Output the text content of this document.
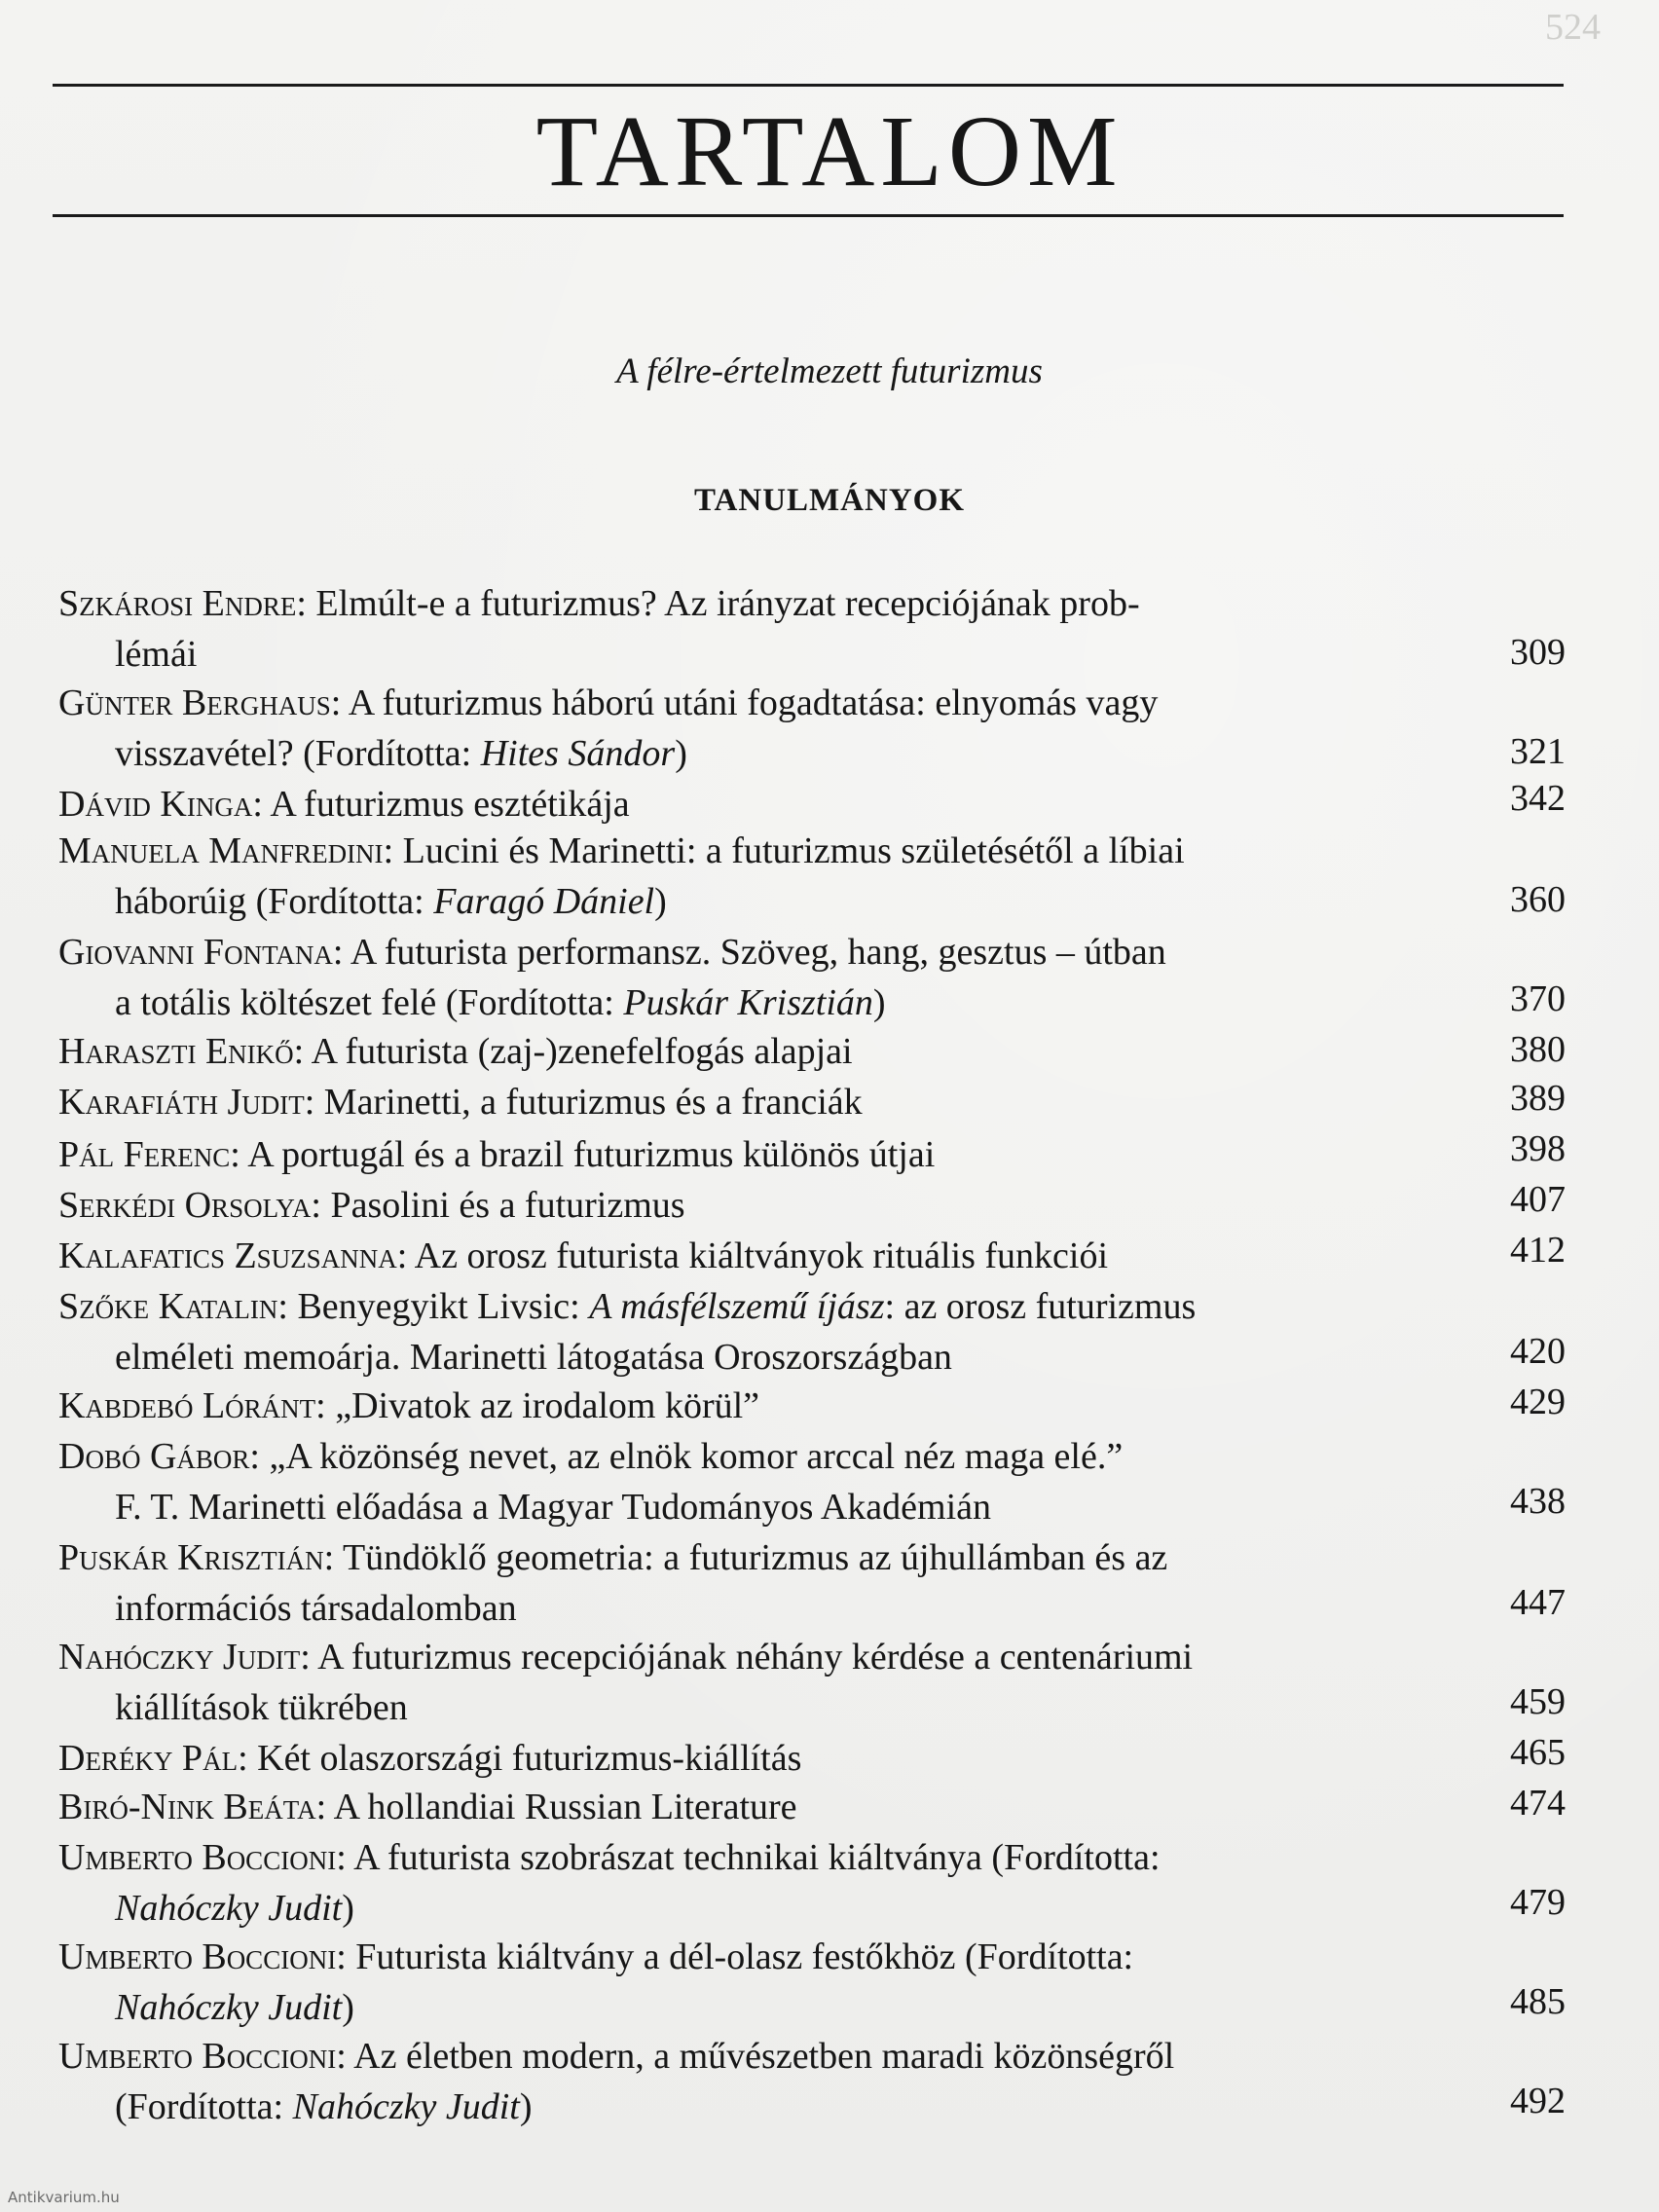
524
TARTALOM
A félre-értelmezett futurizmus
TANULMÁNYOK
Szkárosi Endre: Elmúlt-e a futurizmus? Az irányzat recepciójának prob-
lémái	309
Günter Berghaus: A futurizmus háború utáni fogadtatása: elnyomás vagy
visszavétel? (Fordította: Hites Sándor)	321
Dávid Kinga: A futurizmus esztétikája	342
Manuela Manfredini: Lucini és Marinetti: a futurizmus születésétől a líbiai
háborúig (Fordította: Faragó Dániel)	360
Giovanni Fontana: A futurista performansz. Szöveg, hang, gesztus – útban
a totális költészet felé (Fordította: Puskár Krisztián)	370
Haraszti Enikő: A futurista (zaj-)zenefelfogás alapjai	380
Karafiáth Judit: Marinetti, a futurizmus és a franciák	389
Pál Ferenc: A portugál és a brazil futurizmus különös útjai	398
Serkédi Orsolya: Pasolini és a futurizmus	407
Kalafatics Zsuzsanna: Az orosz futurista kiáltványok rituális funkciói	412
Szőke Katalin: Benyegyikt Livsic: A másfélszemű íjász: az orosz futurizmus
elméleti memoárja. Marinetti látogatása Oroszországban	420
Kabdebó Lóránt: „Divatok az irodalom körül”	429
Dobó Gábor: „A közönség nevet, az elnök komor arccal néz maga elé.”
F. T. Marinetti előadása a Magyar Tudományos Akadémián	438
Puskár Krisztián: Tündöklő geometria: a futurizmus az újhullámban és az
információs társadalomban	447
Nahóczky Judit: A futurizmus recepciójának néhány kérdése a centenáriumi
kiállítások tükrében	459
Deréky Pál: Két olaszországi futurizmus-kiállítás	465
Biró-Nink Beáta: A hollandiai Russian Literature	474
Umberto Boccioni: A futurista szobrászat technikai kiáltványa (Fordította:
Nahóczky Judit)	479
Umberto Boccioni: Futurista kiáltvány a dél-olasz festőkhöz (Fordította:
Nahóczky Judit)	485
Umberto Boccioni: Az életben modern, a művészetben maradi közönségről
(Fordította: Nahóczky Judit)	492
Antikvarium.hu
